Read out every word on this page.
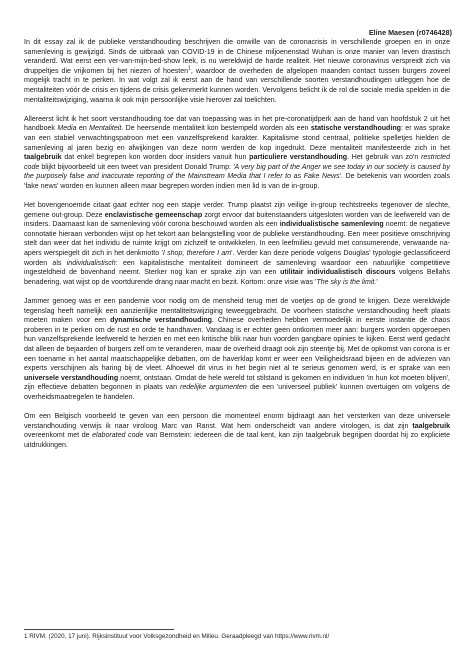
Eline Maesen (r0746428)

In dit essay zal ik de publieke verstandhouding beschrijven die omwille van de coronacrisis in verschillende groepen en in onze samenleving is gewijzigd. Sinds de uitbraak van COVID-19 in de Chinese miljoenenstad Wuhan is onze manier van leven drastisch veranderd. Wat eerst een ver-van-mijn-bed-show leek, is nu wereldwijd de harde realiteit. Het nieuwe coronavirus verspreidt zich via druppeltjes die vrijkomen bij het niezen of hoesten$^1$, waardoor de overheden de afgelopen maanden contact tussen burgers zoveel mogelijk tracht in te perken. In wat volgt zal ik eerst aan de hand van verschillende soorten verstandhoudingen uitleggen hoe de mentaliteiten vóór de crisis en tijdens de crisis gekenmerkt kunnen worden. Vervolgens belicht ik de rol die sociale media spelden in die mentaliteitswijziging, waarna ik ook mijn persoonlijke visie hierover zal toelichten.

Allereerst licht ik het soort verstandhouding toe dat van toepassing was in het pre-coronatijdperk aan de hand van hoofdstuk 2 uit het handboek Media en Mentaliteit. De heersende mentaliteit kon bestempeld worden als een statische verstandhouding: er was sprake van een stabiel verwachtingspatroon met een vanzelfsprekend karakter. Kapitalisme stond centraal, politieke spelletjes hielden de samenleving al jaren bezig en afwijkingen van deze norm werden de kop ingedrukt. Deze mentaliteit manifesteerde zich in het taalgebruik dat enkel begrepen kon worden door insiders vanuit hun particuliere verstandhouding. Het gebruik van zo'n restricted code blijkt bijvoorbeeld uit een tweet van president Donald Trump: 'A very big part of the Anger we see today in our society is caused by the purposely false and inaccurate reporting of the Mainstream Media that I refer to as Fake News'. De betekenis van woorden zoals 'fake news' worden en kunnen alleen maar begrepen worden indien men lid is van de in-group.

Het bovengenoemde citaat gaat echter nog een stapje verder. Trump plaatst zijn veilige in-group rechtstreeks tegenover de slechte, gemene out-group. Deze enclavistische gemeenschap zorgt ervoor dat buitenstaanders uitgesloten worden van de leefwereld van de insiders. Daarnaast kan de samenleving vóór corona beschouwd worden als een individualistische samenleving noemt: de negatieve connotatie hieraan verbonden wijst op het tekort aan belangstelling voor de publieke verstandhouding. Een meer positieve omschrijving stelt dan weer dat het individu de ruimte krijgt om zichzelf te ontwikkelen. In een leefmilieu gevuld met consumerende, verwaande na-apers werspiegelt dit zich in het denkmotto 'I shop, therefore I am'. Verder kan deze periode volgens Douglas' typologie geclassificeerd worden als individualistisch: een kapitalistische mentaliteit domineert de samenleving waardoor een natuurlijke competitieve ingesteldheid de bovenhand neemt. Sterker nog kan er sprake zijn van een utilitair individualistisch discours volgens Bellahs benadering, wat wijst op de voortdurende drang naar macht en bezit. Kortom: onze visie was 'The sky is the limit.'

Jammer genoeg was er een pandemie voor nodig om de mensheid terug met de voetjes op de grond te krijgen. Deze wereldwijde tegenslag heeft namelijk een aanzienlijke mentaliteitswijziging teweeggebracht. De voorheen statische verstandhouding heeft plaats moeten maken voor een dynamische verstandhouding. Chinese overheden hebben vermoedelijk in eerste instantie de chaos proberen in te perken om de rust en orde te handhaven. Vandaag is er echter geen ontkomen meer aan: burgers worden opgeroepen hun vanzelfsprekende leefwereld te herzien en met een kritische blik naar hun voorden gangbare opinies te kijken. Eerst werd gedacht dat alleen de bejaarden of burgers zelf om te veranderen, maar de overheid draagt ook zijn steentje bij. Met de opkomst van corona is er een toename in het aantal maatschappelijke debatten, om de haverklap komt er weer een Veiligheidsraad bijeen en de adviezen van experts verschijnen als haring bij de vleet. Alhoewel dit virus in het begin niet al te serieus genomen werd, is er sprake van een universele verstandhouding noemt, ontstaan. Omdat de hele wereld tot stilstand is gekomen en individuen 'in hun kot moeten blijven', zijn effectieve debatten begonnen in plaats van redelijke argumenten die een 'universeel publiek' kunnen overtuigen om volgens de overheidsmaatregelen te handelen.

Om een Belgisch voorbeeld te geven van een persoon die momenteel enorm bijdraagt aan het versterken van deze universele verstandhouding verwijs ik naar viroloog Marc van Ranst. Wat hem onderscheidt van andere virologen, is dat zijn taalgebruik overeenkomt met de elaborated code van Bernstein: iedereen die de taal kent, kan zijn taalgebruik begrijpen doordat hij zo expliciete uitdrukkingen.

1 RIVM. (2020, 17 juni). Rijksinstituut voor Volksgezondheid en Milieu. Geraadpleegd van https://www.rivm.nl/
